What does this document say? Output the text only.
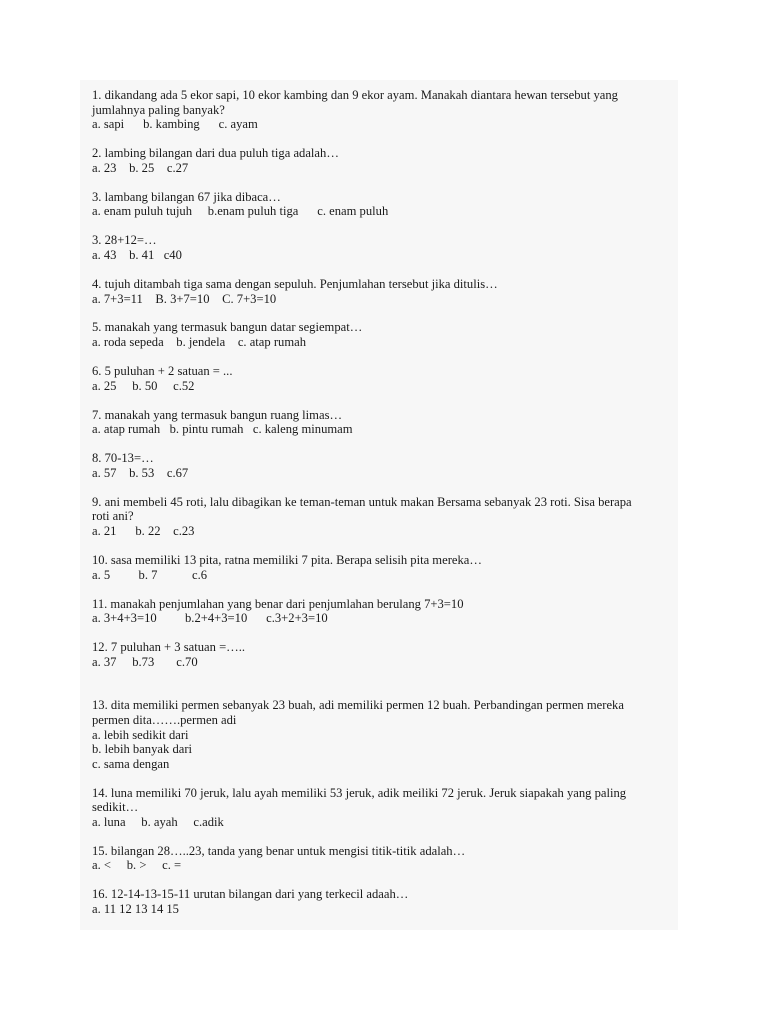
1. dikandang ada 5 ekor sapi, 10 ekor kambing dan 9 ekor ayam. Manakah diantara hewan tersebut yang
jumlahnya paling banyak?
a. sapi      b. kambing      c. ayam
2. lambing bilangan dari dua puluh tiga adalah…
a. 23    b. 25    c.27
3. lambang bilangan 67 jika dibaca…
a. enam puluh tujuh     b.enam puluh tiga      c. enam puluh
3. 28+12=…
a. 43    b. 41   c40
4. tujuh ditambah tiga sama dengan sepuluh. Penjumlahan tersebut jika ditulis…
a. 7+3=11    B. 3+7=10    C. 7+3=10
5. manakah yang termasuk bangun datar segiempat…
a. roda sepeda    b. jendela    c. atap rumah
6. 5 puluhan + 2 satuan = ...
a. 25     b. 50     c.52
7. manakah yang termasuk bangun ruang limas…
a. atap rumah   b. pintu rumah   c. kaleng minumam
8. 70-13=…
a. 57    b. 53    c.67
9. ani membeli 45 roti, lalu dibagikan ke teman-teman untuk makan Bersama sebanyak 23 roti. Sisa berapa
roti ani?
a. 21      b. 22    c.23
10. sasa memiliki 13 pita, ratna memiliki 7 pita. Berapa selisih pita mereka…
a. 5         b. 7           c.6
11. manakah penjumlahan yang benar dari penjumlahan berulang 7+3=10
a. 3+4+3=10         b.2+4+3=10      c.3+2+3=10
12. 7 puluhan + 3 satuan =…..
a. 37     b.73       c.70
13. dita memiliki permen sebanyak 23 buah, adi memiliki permen 12 buah. Perbandingan permen mereka
permen dita…….permen adi
a. lebih sedikit dari
b. lebih banyak dari
c. sama dengan
14. luna memiliki 70 jeruk, lalu ayah memiliki 53 jeruk, adik meiliki 72 jeruk. Jeruk siapakah yang paling
sedikit…
a. luna     b. ayah     c.adik
15. bilangan 28…..23, tanda yang benar untuk mengisi titik-titik adalah…
a. <     b. >     c. =
16. 12-14-13-15-11 urutan bilangan dari yang terkecil adaah…
a. 11 12 13 14 15
